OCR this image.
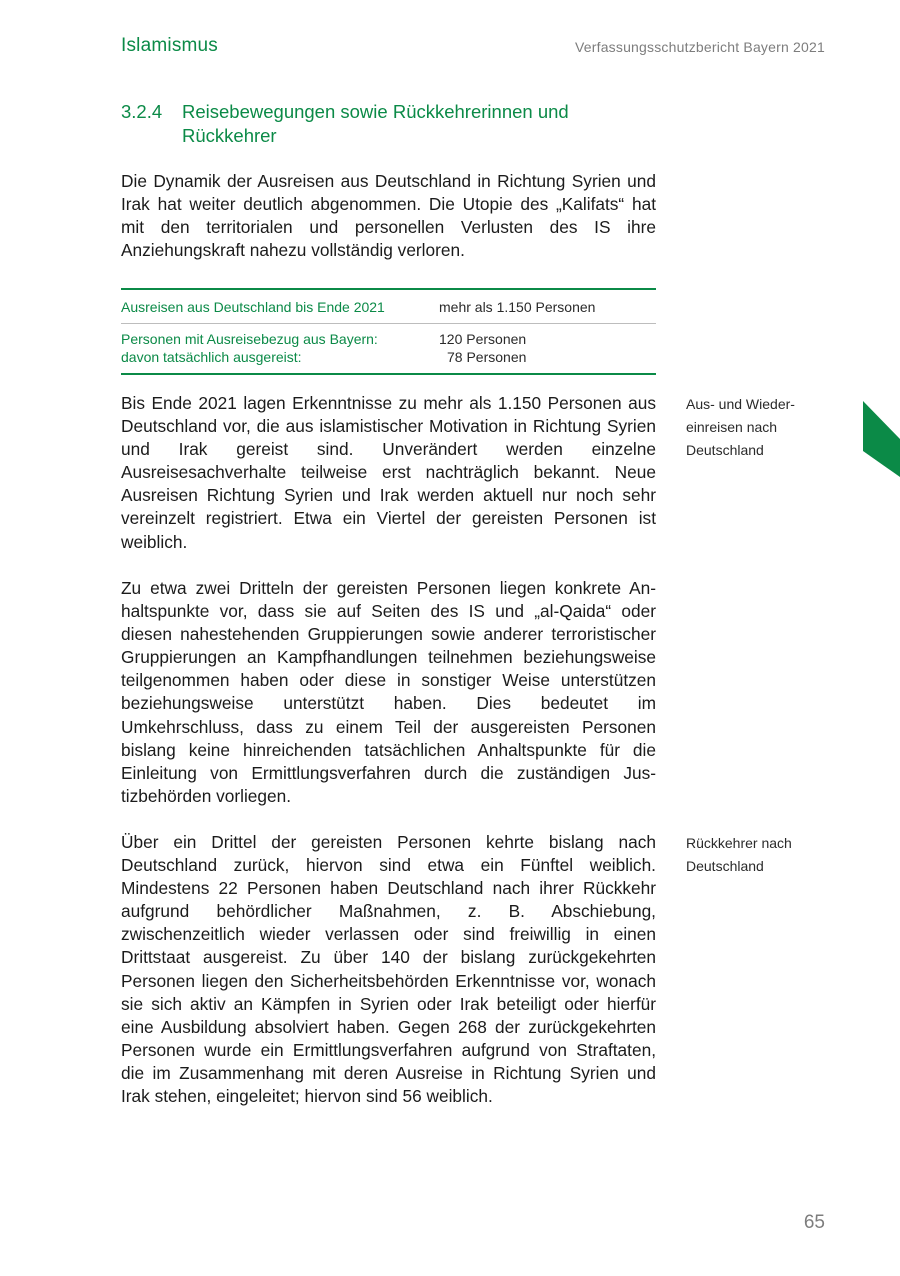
Islamismus	Verfassungsschutzbericht Bayern 2021
3.2.4 Reisebewegungen sowie Rückkehrerinnen und Rückkehrer

Die Dynamik der Ausreisen aus Deutschland in Richtung Syrien und Irak hat weiter deutlich abgenommen. Die Utopie des „Kalifats“ hat mit den territorialen und personellen Verlusten des IS ihre Anziehungskraft nahezu vollständig verloren.

Ausreisen aus Deutschland bis Ende 2021	mehr als 1.150 Personen
Personen mit Ausreisebezug aus Bayern:
davon tatsächlich ausgereist:
120 Personen
78 Personen

Bis Ende 2021 lagen Erkenntnisse zu mehr als 1.150 Personen aus Deutschland vor, die aus islamistischer Motivation in Richtung Syrien und Irak gereist sind. Unverändert werden einzelne Ausreisesachverhalte teilweise erst nachträglich bekannt. Neue Ausreisen Richtung Syrien und Irak werden aktuell nur noch sehr vereinzelt registriert. Etwa ein Viertel der gereisten Personen ist weiblich.

Zu etwa zwei Dritteln der gereisten Personen liegen konkrete Anhaltspunkte vor, dass sie auf Seiten des IS und „al-Qaida“ oder diesen nahestehenden Gruppierungen sowie anderer terroristischer Gruppierungen an Kampfhandlungen teilnehmen beziehungsweise teilgenommen haben oder diese in sonstiger Weise unterstützen beziehungsweise unterstützt haben. Dies bedeutet im Umkehrschluss, dass zu einem Teil der ausgereisten Personen bislang keine hinreichenden tatsächlichen Anhaltspunkte für die Einleitung von Ermittlungsverfahren durch die zuständigen Justizbehörden vorliegen.

Über ein Drittel der gereisten Personen kehrte bislang nach Deutschland zurück, hiervon sind etwa ein Fünftel weiblich. Mindestens 22 Personen haben Deutschland nach ihrer Rückkehr aufgrund behördlicher Maßnahmen, z. B. Abschiebung, zwischenzeitlich wieder verlassen oder sind freiwillig in einen Drittstaat ausgereist. Zu über 140 der bislang zurückgekehrten Personen liegen den Sicherheitsbehörden Erkenntnisse vor, wonach sie sich aktiv an Kämpfen in Syrien oder Irak beteiligt oder hierfür eine Ausbildung absolviert haben. Gegen 268 der zurückgekehrten Personen wurde ein Ermittlungsverfahren aufgrund von Straftaten, die im Zusammenhang mit deren Ausreise in Richtung Syrien und Irak stehen, eingeleitet; hiervon sind 56 weiblich.

Aus- und Wiedereinreisen nach Deutschland
Rückkehrer nach Deutschland
65
